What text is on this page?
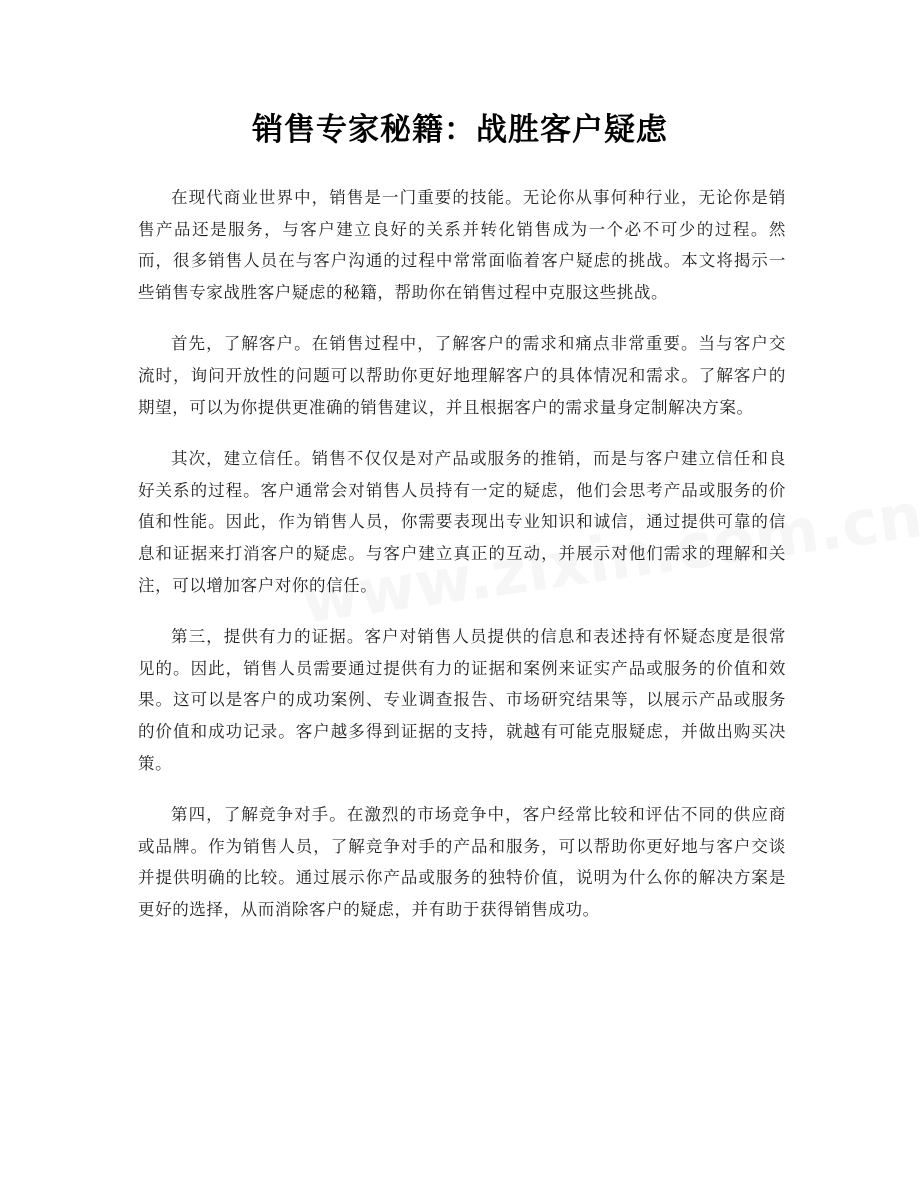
销售专家秘籍：战胜客户疑虑

在现代商业世界中，销售是一门重要的技能。无论你从事何种行业，无论你是销售产品还是服务，与客户建立良好的关系并转化销售成为一个必不可少的过程。然而，很多销售人员在与客户沟通的过程中常常面临着客户疑虑的挑战。本文将揭示一些销售专家战胜客户疑虑的秘籍，帮助你在销售过程中克服这些挑战。

首先，了解客户。在销售过程中，了解客户的需求和痛点非常重要。当与客户交流时，询问开放性的问题可以帮助你更好地理解客户的具体情况和需求。了解客户的期望，可以为你提供更准确的销售建议，并且根据客户的需求量身定制解决方案。

其次，建立信任。销售不仅仅是对产品或服务的推销，而是与客户建立信任和良好关系的过程。客户通常会对销售人员持有一定的疑虑，他们会思考产品或服务的价值和性能。因此，作为销售人员，你需要表现出专业知识和诚信，通过提供可靠的信息和证据来打消客户的疑虑。与客户建立真正的互动，并展示对他们需求的理解和关注，可以增加客户对你的信任。

第三，提供有力的证据。客户对销售人员提供的信息和表述持有怀疑态度是很常见的。因此，销售人员需要通过提供有力的证据和案例来证实产品或服务的价值和效果。这可以是客户的成功案例、专业调查报告、市场研究结果等，以展示产品或服务的价值和成功记录。客户越多得到证据的支持，就越有可能克服疑虑，并做出购买决策。

第四，了解竞争对手。在激烈的市场竞争中，客户经常比较和评估不同的供应商或品牌。作为销售人员，了解竞争对手的产品和服务，可以帮助你更好地与客户交谈并提供明确的比较。通过展示你产品或服务的独特价值，说明为什么你的解决方案是更好的选择，从而消除客户的疑虑，并有助于获得销售成功。
